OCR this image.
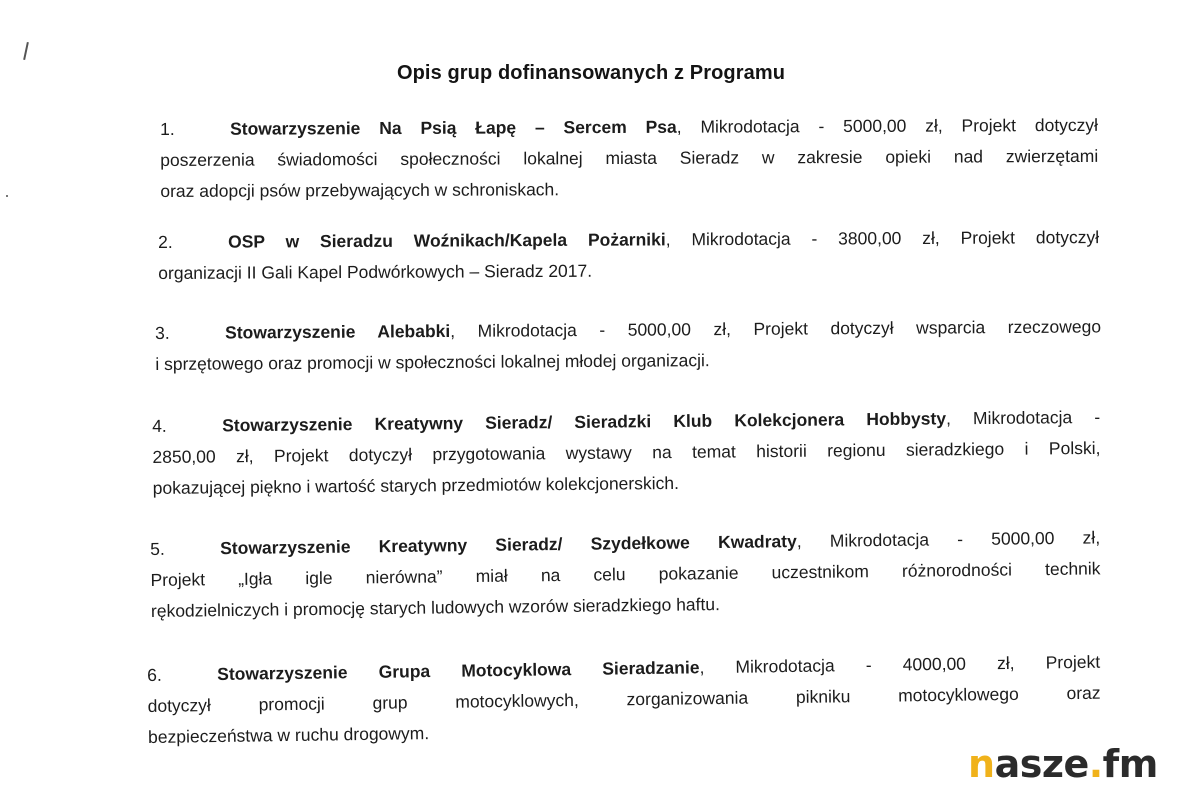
Opis grup dofinansowanych z Programu
1.	Stowarzyszenie Na Psią Łapę – Sercem Psa, Mikrodotacja - 5000,00 zł, Projekt dotyczył
poszerzenia świadomości społeczności lokalnej miasta Sieradz w zakresie opieki nad zwierzętami
oraz adopcji psów przebywających w schroniskach.
2.	OSP w Sieradzu Woźnikach/Kapela Pożarniki, Mikrodotacja - 3800,00 zł, Projekt dotyczył
organizacji II Gali Kapel Podwórkowych – Sieradz 2017.
3.	Stowarzyszenie Alebabki, Mikrodotacja - 5000,00 zł, Projekt dotyczył wsparcia rzeczowego
i sprzętowego oraz promocji w społeczności lokalnej młodej organizacji.
4.	Stowarzyszenie Kreatywny Sieradz/ Sieradzki Klub Kolekcjonera Hobbysty, Mikrodotacja -
2850,00 zł, Projekt dotyczył przygotowania wystawy na temat historii regionu sieradzkiego i Polski,
pokazującej piękno i wartość starych przedmiotów kolekcjonerskich.
5.	Stowarzyszenie Kreatywny Sieradz/ Szydełkowe Kwadraty, Mikrodotacja - 5000,00 zł,
Projekt „Igła igle nierówna” miał na celu pokazanie uczestnikom różnorodności technik
rękodzielniczych i promocję starych ludowych wzorów sieradzkiego haftu.
6.	Stowarzyszenie Grupa Motocyklowa Sieradzanie, Mikrodotacja - 4000,00 zł, Projekt
dotyczył promocji grup motocyklowych, zorganizowania pikniku motocyklowego oraz
bezpieczeństwa w ruchu drogowym.
nasze.fm
